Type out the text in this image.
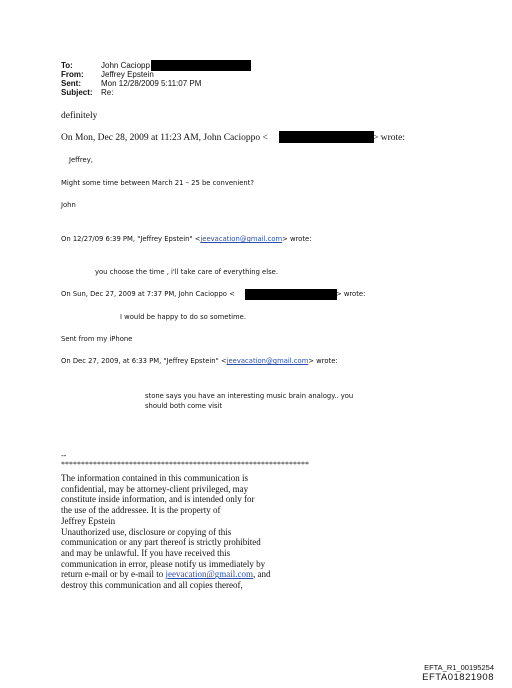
To:	John Caciopp
From: Jeffrey Epstein
Sent:	Mon 12/28/2009 5:11:07 PM
Subject: Re:
definitely
On Mon, Dec 28, 2009 at 11:23 AM, John Cacioppo <	> wrote:
Jeffrey,
Might some time between March 21 – 25 be convenient?
John
On 12/27/09 6:39 PM, "Jeffrey Epstein" <jeevacation@gmail.com> wrote:
you choose the time , i'll take care of everything else.
On Sun, Dec 27, 2009 at 7:37 PM, John Cacioppo <	> wrote:
I would be happy to do so sometime.
Sent from my iPhone
On Dec 27, 2009, at 6:33 PM, "Jeffrey Epstein" <jeevacation@gmail.com> wrote:
stone says you have an interesting music brain analogy.. you
should both come visit
--
**************************************************************
The information contained in this communication is
confidential, may be attorney-client privileged, may
constitute inside information, and is intended only for
the use of the addressee. It is the property of
Jeffrey Epstein
Unauthorized use, disclosure or copying of this
communication or any part thereof is strictly prohibited
and may be unlawful. If you have received this
communication in error, please notify us immediately by
return e-mail or by e-mail to jeevacation@gmail.com, and
destroy this communication and all copies thereof,
EFTA_R1_00195254
EFTA01821908
